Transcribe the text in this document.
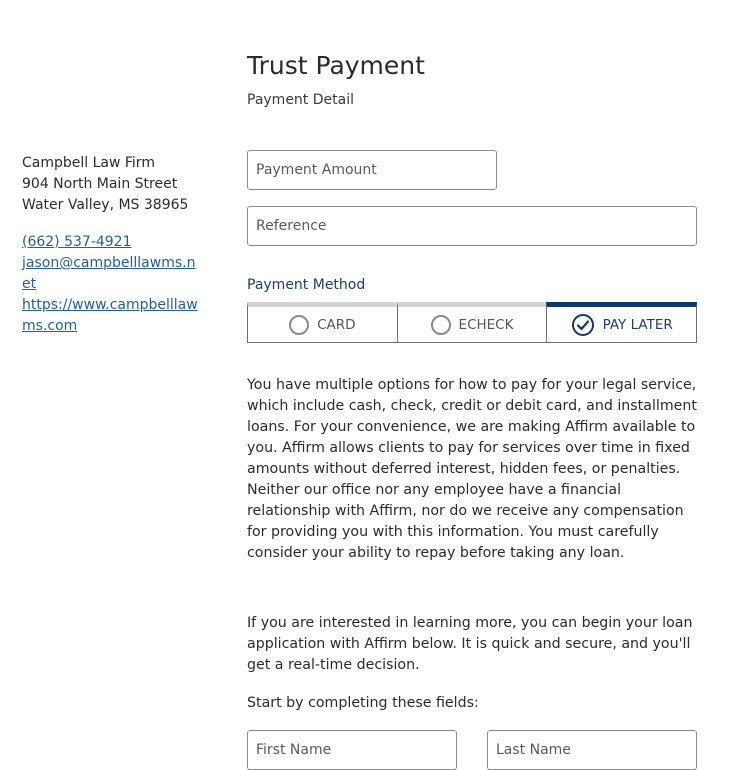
Campbell Law Firm
904 North Main Street
Water Valley, MS 38965
(662) 537-4921
jason@campbelllawms.net
https://www.campbelllawms.com
Trust Payment
Payment Detail
Payment Amount
Reference
Payment Method
CARD	ECHECK	PAY LATER

You have multiple options for how to pay for your legal service, which include cash, check, credit or debit card, and installment loans. For your convenience, we are making Affirm available to you. Affirm allows clients to pay for services over time in fixed amounts without deferred interest, hidden fees, or penalties. Neither our office nor any employee have a financial relationship with Affirm, nor do we receive any compensation for providing you with this information. You must carefully consider your ability to repay before taking any loan.

If you are interested in learning more, you can begin your loan application with Affirm below. It is quick and secure, and you'll get a real-time decision.

Start by completing these fields:

First Name
Last Name
